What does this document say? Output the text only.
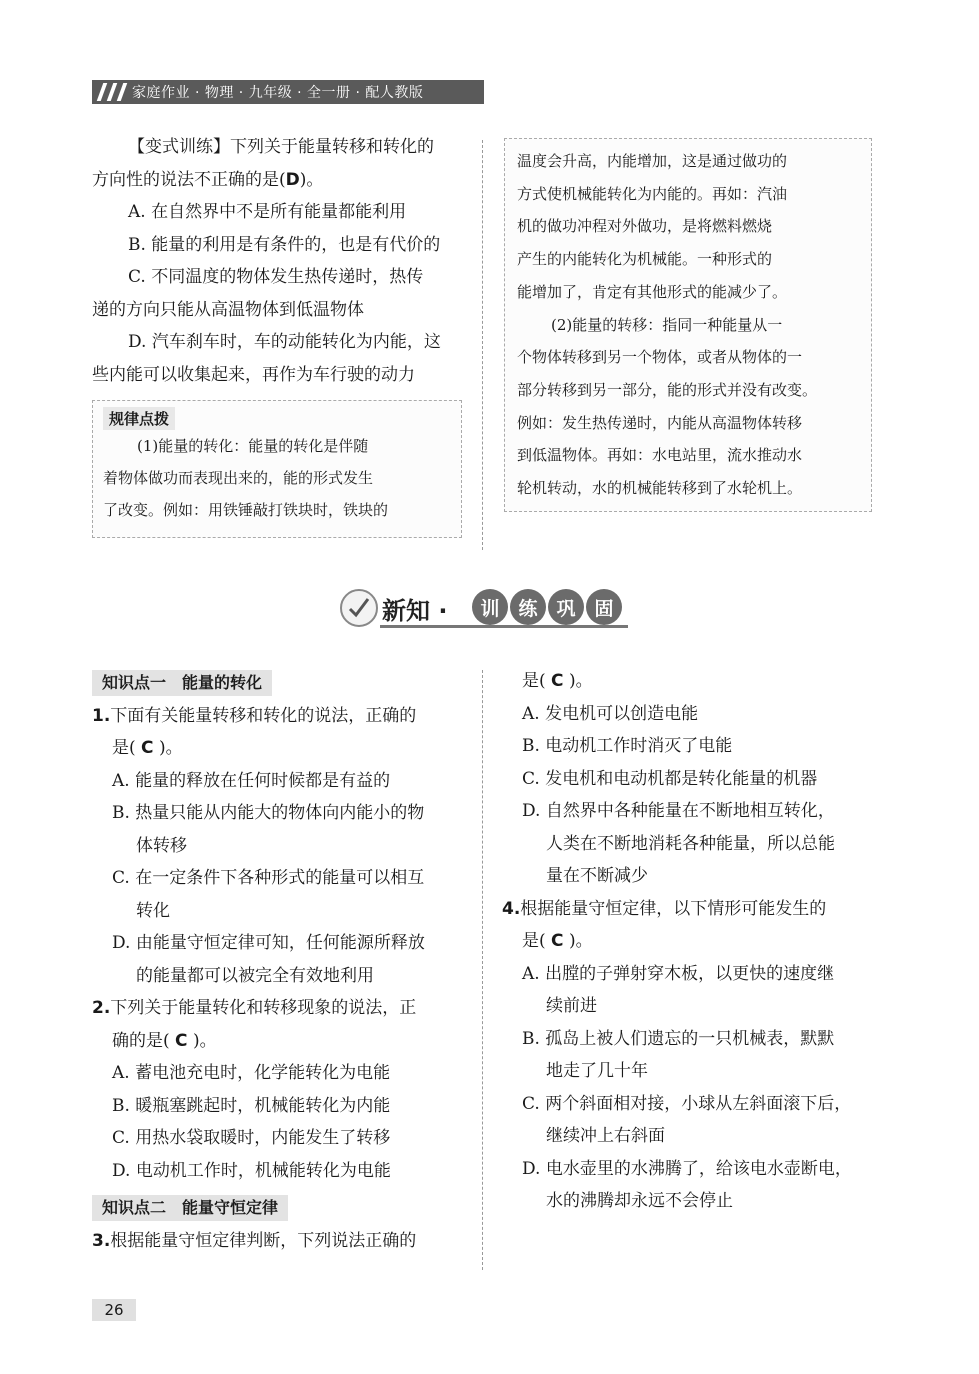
家庭作业 · 物理 · 九年级 · 全一册 · 配人教版
【变式训练】下列关于能量转移和转化的
方向性的说法不正确的是(D)。
A. 在自然界中不是所有能量都能利用
B. 能量的利用是有条件的，也是有代价的
C. 不同温度的物体发生热传递时，热传
递的方向只能从高温物体到低温物体
D. 汽车刹车时，车的动能转化为内能，这
些内能可以收集起来，再作为车行驶的动力
规律点拨
(1)能量的转化：能量的转化是伴随
着物体做功而表现出来的，能的形式发生
了改变。例如：用铁锤敲打铁块时，铁块的
温度会升高，内能增加，这是通过做功的
方式使机械能转化为内能的。再如：汽油
机的做功冲程对外做功，是将燃料燃烧
产生的内能转化为机械能。一种形式的
能增加了，肯定有其他形式的能减少了。
(2)能量的转移：指同一种能量从一
个物体转移到另一个物体，或者从物体的一
部分转移到另一部分，能的形式并没有改变。
例如：发生热传递时，内能从高温物体转移
到低温物体。再如：水电站里，流水推动水
轮机转动，水的机械能转移到了水轮机上。
新知 ·	训 练 巩 固
知识点一　能量的转化
1.下面有关能量转移和转化的说法，正确的
是( C )。
A. 能量的释放在任何时候都是有益的
B. 热量只能从内能大的物体向内能小的物
体转移
C. 在一定条件下各种形式的能量可以相互
转化
D. 由能量守恒定律可知，任何能源所释放
的能量都可以被完全有效地利用
2.下列关于能量转化和转移现象的说法，正
确的是( C )。
A. 蓄电池充电时，化学能转化为电能
B. 暖瓶塞跳起时，机械能转化为内能
C. 用热水袋取暖时，内能发生了转移
D. 电动机工作时，机械能转化为电能
知识点二　能量守恒定律
3.根据能量守恒定律判断，下列说法正确的
是( C )。
A. 发电机可以创造电能
B. 电动机工作时消灭了电能
C. 发电机和电动机都是转化能量的机器
D. 自然界中各种能量在不断地相互转化，
人类在不断地消耗各种能量，所以总能
量在不断减少
4.根据能量守恒定律，以下情形可能发生的
是( C )。
A. 出膛的子弹射穿木板，以更快的速度继
续前进
B. 孤岛上被人们遗忘的一只机械表，默默
地走了几十年
C. 两个斜面相对接，小球从左斜面滚下后，
继续冲上右斜面
D. 电水壶里的水沸腾了，给该电水壶断电，
水的沸腾却永远不会停止
26
